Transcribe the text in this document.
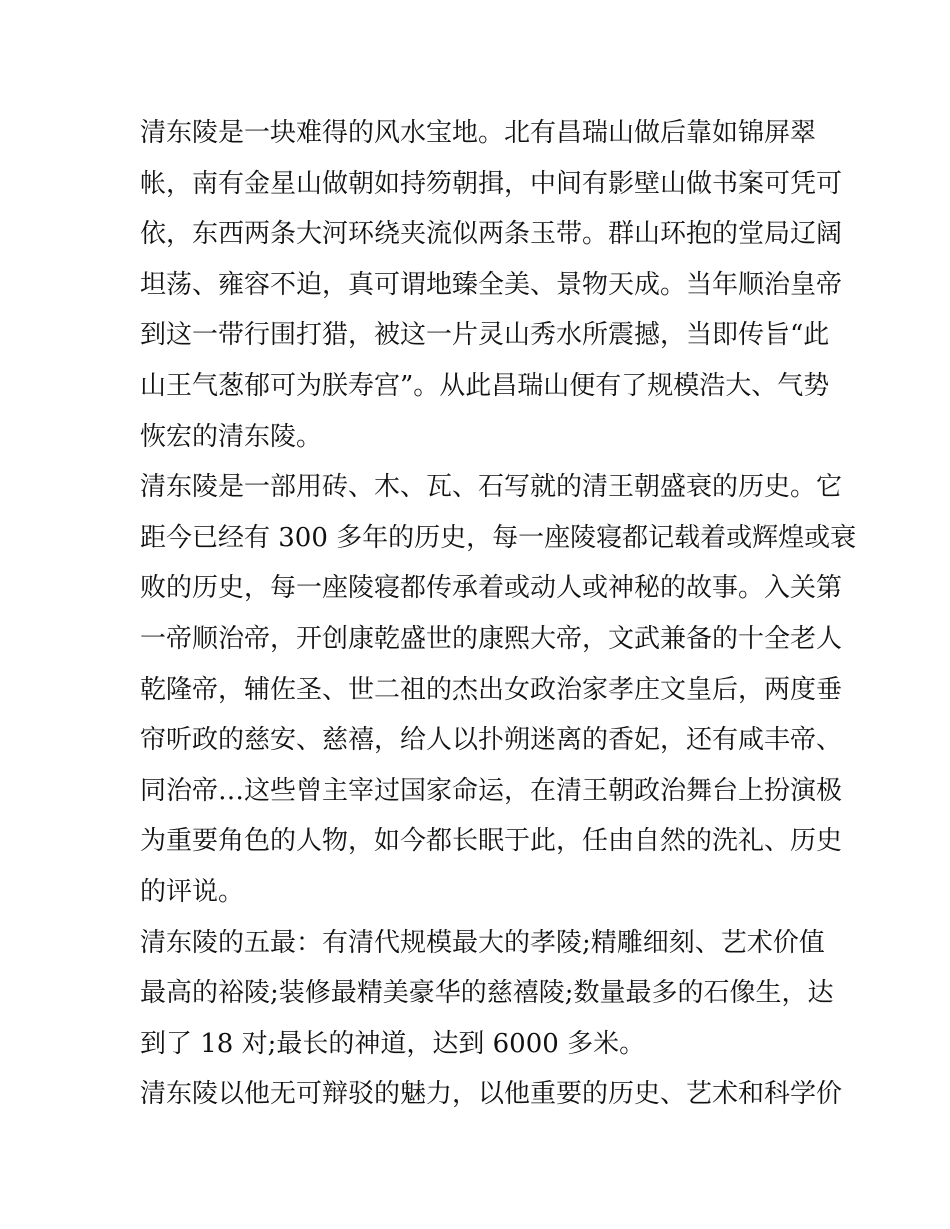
清东陵是一块难得的风水宝地。北有昌瑞山做后靠如锦屏翠
帐，南有金星山做朝如持笏朝揖，中间有影壁山做书案可凭可
依，东西两条大河环绕夹流似两条玉带。群山环抱的堂局辽阔
坦荡、雍容不迫，真可谓地臻全美、景物天成。当年顺治皇帝
到这一带行围打猎，被这一片灵山秀水所震撼，当即传旨“此
山王气葱郁可为朕寿宫”。从此昌瑞山便有了规模浩大、气势
恢宏的清东陵。
清东陵是一部用砖、木、瓦、石写就的清王朝盛衰的历史。它
距今已经有 300 多年的历史，每一座陵寝都记载着或辉煌或衰
败的历史，每一座陵寝都传承着或动人或神秘的故事。入关第
一帝顺治帝，开创康乾盛世的康熙大帝，文武兼备的十全老人
乾隆帝，辅佐圣、世二祖的杰出女政治家孝庄文皇后，两度垂
帘听政的慈安、慈禧，给人以扑朔迷离的香妃，还有咸丰帝、
同治帝…这些曾主宰过国家命运，在清王朝政治舞台上扮演极
为重要角色的人物，如今都长眠于此，任由自然的洗礼、历史
的评说。
清东陵的五最：有清代规模最大的孝陵;精雕细刻、艺术价值
最高的裕陵;装修最精美豪华的慈禧陵;数量最多的石像生，达
到了 18 对;最长的神道，达到 6000 多米。
清东陵以他无可辩驳的魅力，以他重要的历史、艺术和科学价
